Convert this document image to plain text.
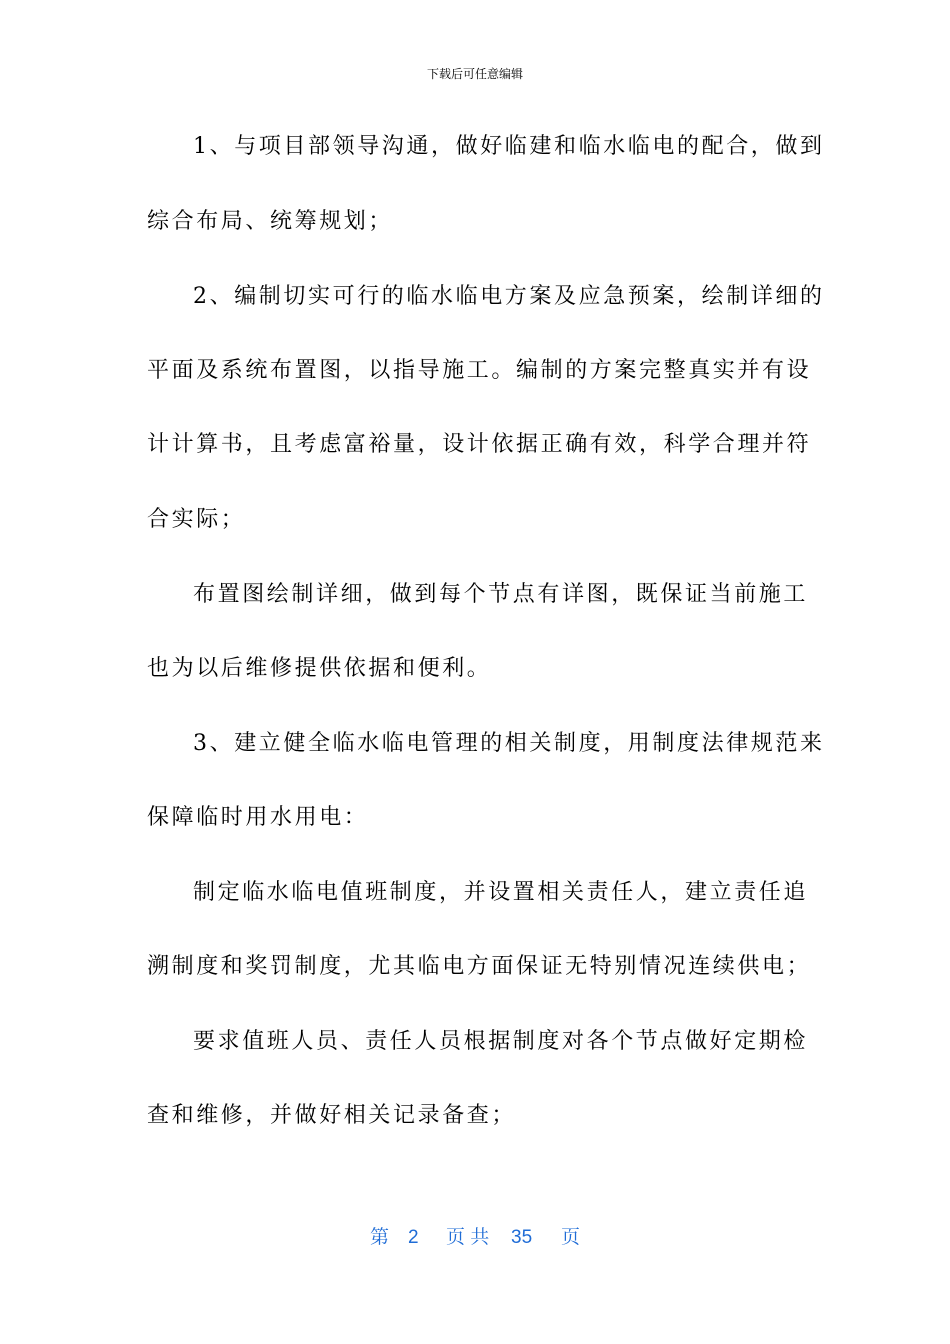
下载后可任意编辑
1、与项目部领导沟通，做好临建和临水临电的配合，做到
综合布局、统筹规划；
2、编制切实可行的临水临电方案及应急预案，绘制详细的
平面及系统布置图，以指导施工。编制的方案完整真实并有设
计计算书，且考虑富裕量，设计依据正确有效，科学合理并符
合实际；
布置图绘制详细，做到每个节点有详图，既保证当前施工
也为以后维修提供依据和便利。
3、建立健全临水临电管理的相关制度，用制度法律规范来
保障临时用水用电：
制定临水临电值班制度，并设置相关责任人，建立责任追
溯制度和奖罚制度，尤其临电方面保证无特别情况连续供电；
要求值班人员、责任人员根据制度对各个节点做好定期检
查和维修，并做好相关记录备查；
第 2 页 共 35 页
